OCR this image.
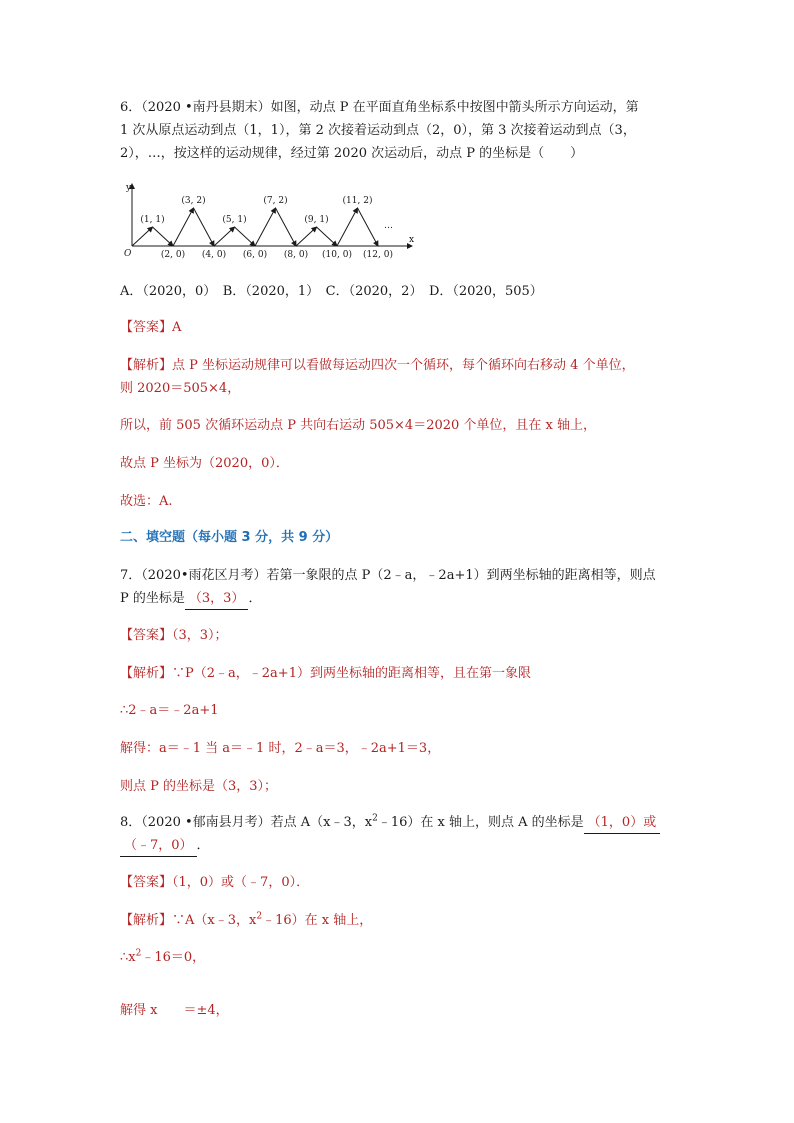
6．（2020 •南丹县期末）如图，动点 P 在平面直角坐标系中按图中箭头所示方向运动，第
1 次从原点运动到点（1，1），第 2 次接着运动到点（2，0），第 3 次接着运动到点（3，
2），…，按这样的运动规律，经过第 2020 次运动后，动点 P 的坐标是（　　）
x
y
O
…
(1, 1)
(3, 2)
(5, 1)
(7, 2)
(9, 1)
(11, 2)
(2, 0) (4, 0) (6, 0) (8, 0) (10, 0) (12, 0)
A．（2020，0）　B．（2020，1）　C．（2020，2）　D．（2020，505）
【答案】A
【解析】点 P 坐标运动规律可以看做每运动四次一个循环，每个循环向右移动 4 个单位，
则 2020＝505×4，
所以，前 505 次循环运动点 P 共向右运动 505×4＝2020 个单位，且在 x 轴上，
故点 P 坐标为（2020，0）．
故选：A.
二、填空题（每小题 3 分，共 9 分）
7．（2020•雨花区月考）若第一象限的点 P（2﹣a，﹣2a+1）到两坐标轴的距离相等，则点
P 的坐标是 （3，3） ．
【答案】（3，3）；
【解析】∵P（2﹣a，﹣2a+1）到两坐标轴的距离相等，且在第一象限
∴2﹣a＝﹣2a+1
解得：a＝﹣1 当 a＝﹣1 时，2﹣a＝3，﹣2a+1＝3，
则点 P 的坐标是（3，3）；
8．（2020 •郁南县月考）若点 A（x﹣3，$x^2﹣16$）在 x 轴上，则点 A 的坐标是 （1，0）或
（﹣7，0） ．
【答案】（1，0）或（﹣7，0）．
【解析】∵A（x﹣3，$x^2﹣16$）在 x 轴上，
$\therefore x^2﹣16=0$，
解得 x　　＝±4，
